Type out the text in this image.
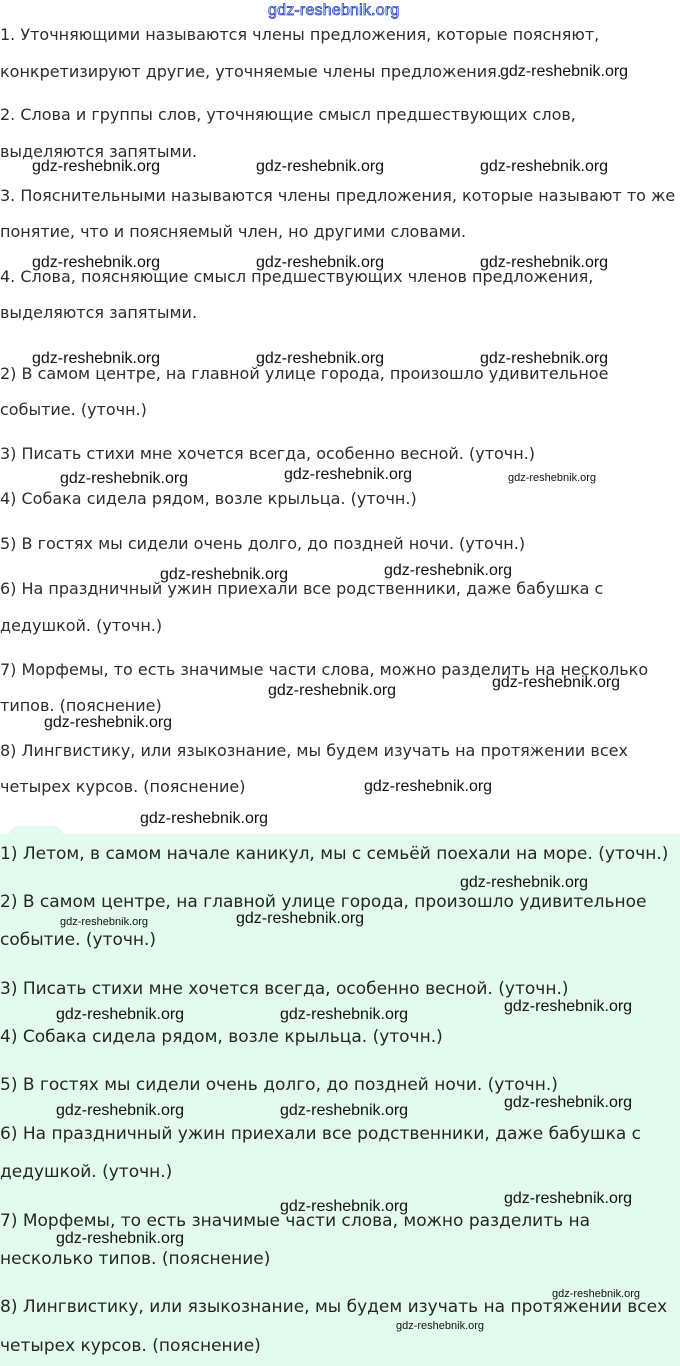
gdz-reshebnik.org
1. Уточняющими называются члены предложения, которые поясняют,
конкретизируют другие, уточняемые члены предложения.
2. Слова и группы слов, уточняющие смысл предшествующих слов,
выделяются запятыми.
3. Пояснительными называются члены предложения, которые называют то же
понятие, что и поясняемый член, но другими словами.
4. Слова, поясняющие смысл предшествующих членов предложения,
выделяются запятыми.
2) В самом центре, на главной улице города, произошло удивительное
событие. (уточн.)
3) Писать стихи мне хочется всегда, особенно весной. (уточн.)
4) Собака сидела рядом, возле крыльца. (уточн.)
5) В гостях мы сидели очень долго, до поздней ночи. (уточн.)
6) На праздничный ужин приехали все родственники, даже бабушка с
дедушкой. (уточн.)
7) Морфемы, то есть значимые части слова, можно разделить на несколько
типов. (пояснение)
8) Лингвистику, или языкознание, мы будем изучать на протяжении всех
четырех курсов. (пояснение)
1) Летом, в самом начале каникул, мы с семьёй поехали на море. (уточн.)
2) В самом центре, на главной улице города, произошло удивительное
событие. (уточн.)
3) Писать стихи мне хочется всегда, особенно весной. (уточн.)
4) Собака сидела рядом, возле крыльца. (уточн.)
5) В гостях мы сидели очень долго, до поздней ночи. (уточн.)
6) На праздничный ужин приехали все родственники, даже бабушка с
дедушкой. (уточн.)
7) Морфемы, то есть значимые части слова, можно разделить на
несколько типов. (пояснение)
8) Лингвистику, или языкознание, мы будем изучать на протяжении всех
четырех курсов. (пояснение)
gdz-reshebnik.org
gdz-reshebnik.org	gdz-reshebnik.org	gdz-reshebnik.org
gdz-reshebnik.org	gdz-reshebnik.org	gdz-reshebnik.org
gdz-reshebnik.org	gdz-reshebnik.org	gdz-reshebnik.org
gdz-reshebnik.org	gdz-reshebnik.org	gdz-reshebnik.org
gdz-reshebnik.org	gdz-reshebnik.org
gdz-reshebnik.org	gdz-reshebnik.org
gdz-reshebnik.org
gdz-reshebnik.org
gdz-reshebnik.org
gdz-reshebnik.org
gdz-reshebnik.org	gdz-reshebnik.org
gdz-reshebnik.org
gdz-reshebnik.org	gdz-reshebnik.org
gdz-reshebnik.org
gdz-reshebnik.org	gdz-reshebnik.org
gdz-reshebnik.org
gdz-reshebnik.org
gdz-reshebnik.org
gdz-reshebnik.org
gdz-reshebnik.org
